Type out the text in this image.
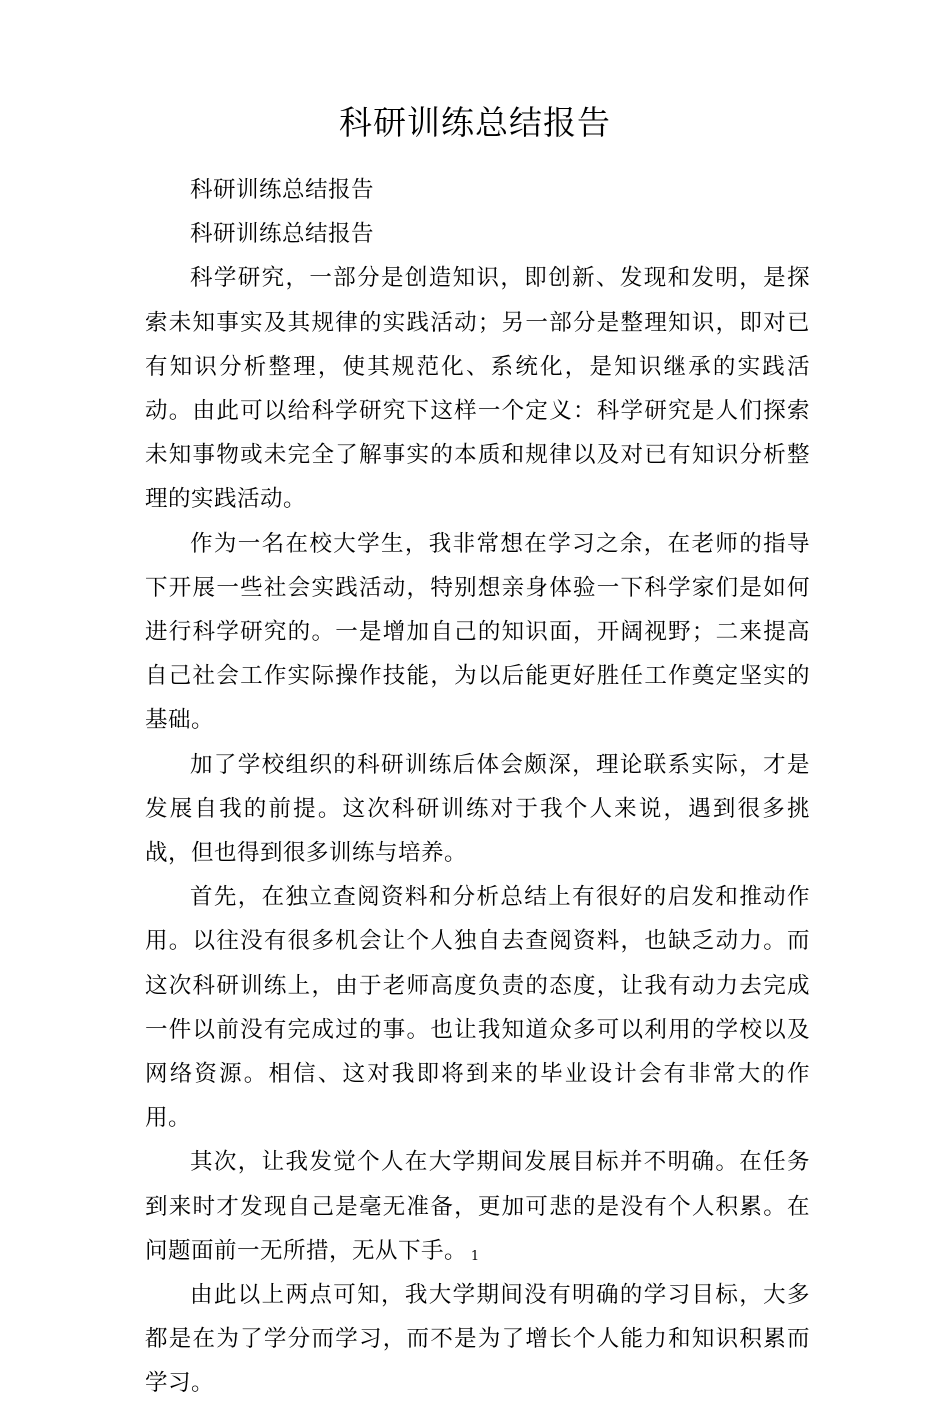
科研训练总结报告

科研训练总结报告

科研训练总结报告

科学研究，一部分是创造知识，即创新、发现和发明，是探索未知事实及其规律的实践活动；另一部分是整理知识，即对已有知识分析整理，使其规范化、系统化，是知识继承的实践活动。由此可以给科学研究下这样一个定义：科学研究是人们探索未知事物或未完全了解事实的本质和规律以及对已有知识分析整理的实践活动。

作为一名在校大学生，我非常想在学习之余，在老师的指导下开展一些社会实践活动，特别想亲身体验一下科学家们是如何进行科学研究的。一是增加自己的知识面，开阔视野；二来提高自己社会工作实际操作技能，为以后能更好胜任工作奠定坚实的基础。

加了学校组织的科研训练后体会颇深，理论联系实际，才是发展自我的前提。这次科研训练对于我个人来说，遇到很多挑战，但也得到很多训练与培养。

首先，在独立查阅资料和分析总结上有很好的启发和推动作用。以往没有很多机会让个人独自去查阅资料，也缺乏动力。而这次科研训练上，由于老师高度负责的态度，让我有动力去完成一件以前没有完成过的事。也让我知道众多可以利用的学校以及网络资源。相信、这对我即将到来的毕业设计会有非常大的作用。

其次，让我发觉个人在大学期间发展目标并不明确。在任务到来时才发现自己是毫无准备，更加可悲的是没有个人积累。在问题面前一无所措，无从下手。

由此以上两点可知，我大学期间没有明确的学习目标，大多都是在为了学分而学习，而不是为了增长个人能力和知识积累而学习。

1
